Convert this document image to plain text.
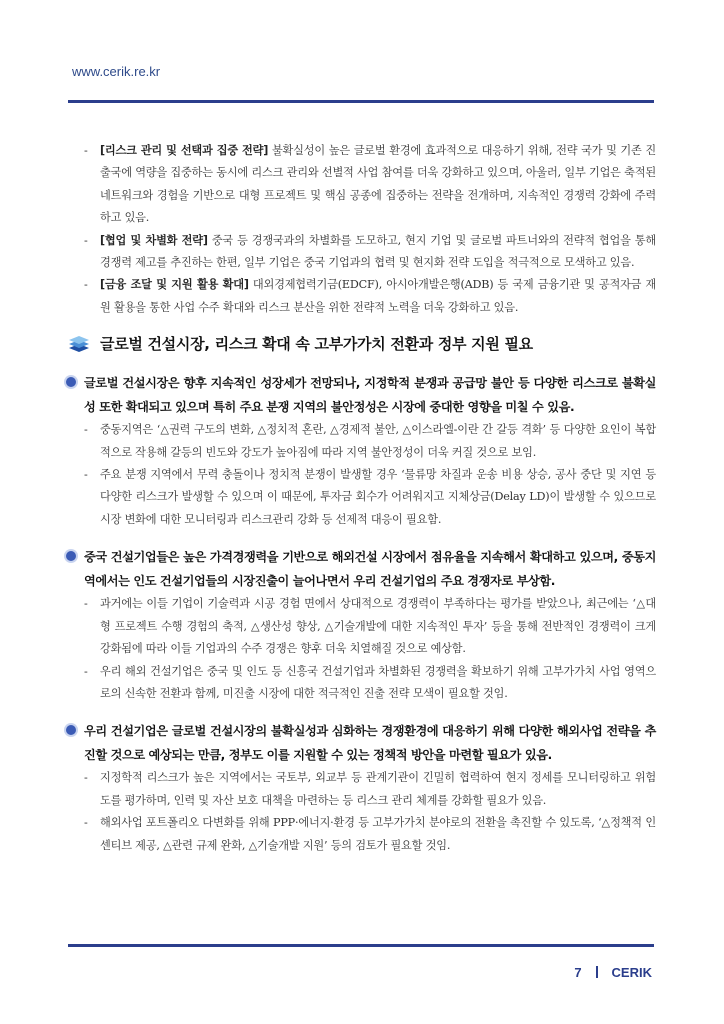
www.cerik.re.kr
- [리스크 관리 및 선택과 집중 전략] 불확실성이 높은 글로벌 환경에 효과적으로 대응하기 위해, 전략 국가 및 기존 진출국에 역량을 집중하는 동시에 리스크 관리와 선별적 사업 참여를 더욱 강화하고 있으며, 아울러, 일부 기업은 축적된 네트워크와 경험을 기반으로 대형 프로젝트 및 핵심 공종에 집중하는 전략을 전개하며, 지속적인 경쟁력 강화에 주력하고 있음.
- [협업 및 차별화 전략] 중국 등 경쟁국과의 차별화를 도모하고, 현지 기업 및 글로벌 파트너와의 전략적 협업을 통해 경쟁력 제고를 추진하는 한편, 일부 기업은 중국 기업과의 협력 및 현지화 전략 도입을 적극적으로 모색하고 있음.
- [금융 조달 및 지원 활용 확대] 대외경제협력기금(EDCF), 아시아개발은행(ADB) 등 국제 금융기관 및 공적자금 재원 활용을 통한 사업 수주 확대와 리스크 분산을 위한 전략적 노력을 더욱 강화하고 있음.
글로벌 건설시장, 리스크 확대 속 고부가가치 전환과 정부 지원 필요
글로벌 건설시장은 향후 지속적인 성장세가 전망되나, 지정학적 분쟁과 공급망 불안 등 다양한 리스크로 불확실성 또한 확대되고 있으며 특히 주요 분쟁 지역의 불안정성은 시장에 중대한 영향을 미칠 수 있음.
- 중동지역은 ‘△권력 구도의 변화, △정치적 혼란, △경제적 불안, △이스라엘-이란 간 갈등 격화’ 등 다양한 요인이 복합적으로 작용해 갈등의 빈도와 강도가 높아짐에 따라 지역 불안정성이 더욱 커질 것으로 보임.
- 주요 분쟁 지역에서 무력 충돌이나 정치적 분쟁이 발생할 경우 ‘물류망 차질과 운송 비용 상승, 공사 중단 및 지연 등 다양한 리스크가 발생할 수 있으며 이 때문에, 투자금 회수가 어려워지고 지체상금(Delay LD)이 발생할 수 있으므로 시장 변화에 대한 모니터링과 리스크관리 강화 등 선제적 대응이 필요함.
중국 건설기업들은 높은 가격경쟁력을 기반으로 해외건설 시장에서 점유율을 지속해서 확대하고 있으며, 중동지역에서는 인도 건설기업들의 시장진출이 늘어나면서 우리 건설기업의 주요 경쟁자로 부상함.
- 과거에는 이들 기업이 기술력과 시공 경험 면에서 상대적으로 경쟁력이 부족하다는 평가를 받았으나, 최근에는 ‘△대형 프로젝트 수행 경험의 축적, △생산성 향상, △기술개발에 대한 지속적인 투자’ 등을 통해 전반적인 경쟁력이 크게 강화됨에 따라 이들 기업과의 수주 경쟁은 향후 더욱 치열해질 것으로 예상함.
- 우리 해외 건설기업은 중국 및 인도 등 신흥국 건설기업과 차별화된 경쟁력을 확보하기 위해 고부가가치 사업 영역으로의 신속한 전환과 함께, 미진출 시장에 대한 적극적인 진출 전략 모색이 필요할 것임.
우리 건설기업은 글로벌 건설시장의 불확실성과 심화하는 경쟁환경에 대응하기 위해 다양한 해외사업 전략을 추진할 것으로 예상되는 만큼, 정부도 이를 지원할 수 있는 정책적 방안을 마련할 필요가 있음.
- 지정학적 리스크가 높은 지역에서는 국토부, 외교부 등 관계기관이 긴밀히 협력하여 현지 정세를 모니터링하고 위험도를 평가하며, 인력 및 자산 보호 대책을 마련하는 등 리스크 관리 체계를 강화할 필요가 있음.
- 해외사업 포트폴리오 다변화를 위해 PPP·에너지·환경 등 고부가가치 분야로의 전환을 촉진할 수 있도록, ‘△정책적 인센티브 제공, △관련 규제 완화, △기술개발 지원’ 등의 검토가 필요할 것임.
7 CERIK
